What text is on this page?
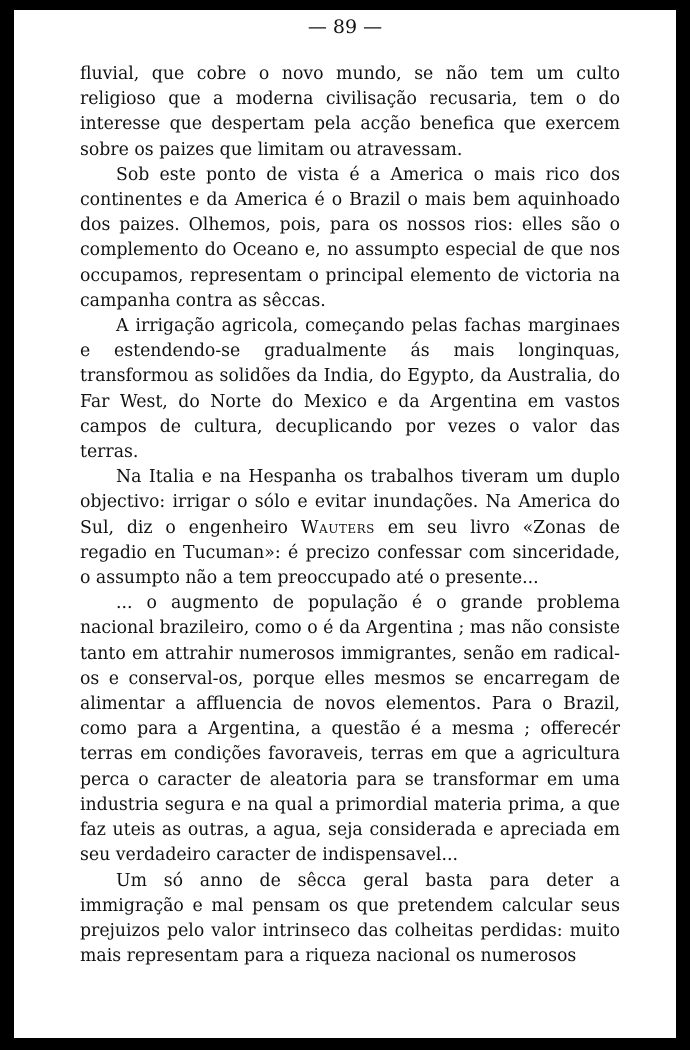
— 89 —

fluvial, que cobre o novo mundo, se não tem um culto religioso que a moderna civilisação recusaria, tem o do interesse que despertam pela acção benefica que exercem sobre os paizes que limitam ou atravessam.

Sob este ponto de vista é a America o mais rico dos continentes e da America é o Brazil o mais bem aquinhoado dos paizes. Olhemos, pois, para os nossos rios: elles são o complemento do Oceano e, no assumpto especial de que nos occupamos, representam o principal elemento de victoria na campanha contra as sêccas.

A irrigação agricola, começando pelas fachas marginaes e estendendo-se gradualmente ás mais longinquas, transformou as solidões da India, do Egypto, da Australia, do Far West, do Norte do Mexico e da Argentina em vastos campos de cultura, decuplicando por vezes o valor das terras.

Na Italia e na Hespanha os trabalhos tiveram um duplo objectivo: irrigar o sólo e evitar inundações. Na America do Sul, diz o engenheiro Wauters em seu livro «Zonas de regadio en Tucuman»: é precizo confessar com sinceridade, o assumpto não a tem preoccupado até o presente...

... o augmento de população é o grande problema nacional brazileiro, como o é da Argentina ; mas não consiste tanto em attrahir numerosos immigrantes, senão em radical-os e conserval-os, porque elles mesmos se encarregam de alimentar a affluencia de novos elementos. Para o Brazil, como para a Argentina, a questão é a mesma ; offerecér terras em condições favoraveis, terras em que a agricultura perca o caracter de aleatoria para se transformar em uma industria segura e na qual a primordial materia prima, a que faz uteis as outras, a agua, seja considerada e apreciada em seu verdadeiro caracter de indispensavel...

Um só anno de sêcca geral basta para deter a immigração e mal pensam os que pretendem calcular seus prejuizos pelo valor intrinseco das colheitas perdidas: muito mais representam para a riqueza nacional os numerosos
